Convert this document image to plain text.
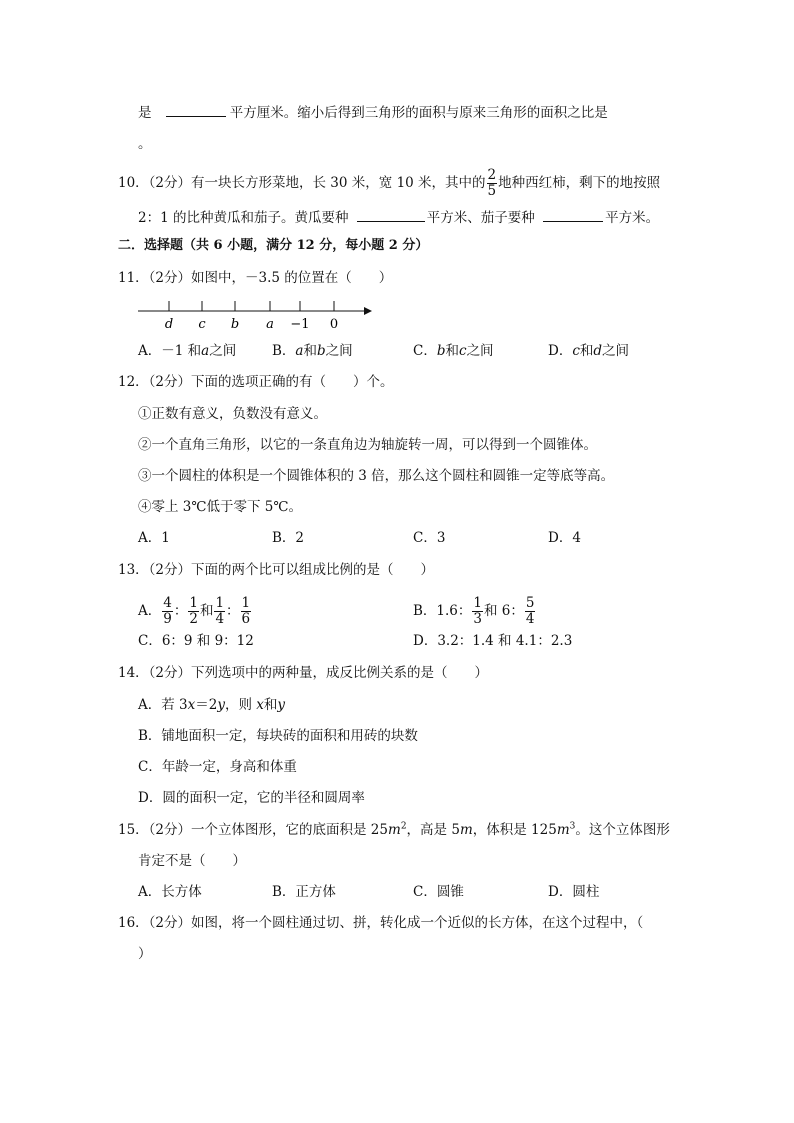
是	平方厘米。缩小后得到三角形的面积与原来三角形的面积之比是
。
10．（2分）有一块长方形菜地，长 30 米，宽 10 米，其中的 $\frac{2}{5}$ 地种西红柿，剩下的地按照
2：1 的比种黄瓜和茄子。黄瓜要种	平方米、茄子要种	平方米。
二．选择题（共 6 小题，满分 12 分，每小题 2 分）
11．（2分）如图中，－3.5 的位置在（　　）
d c b a −1 0
A．－1 和a之间	B．a和b之间	C．b和c之间	D．c和d之间
12．（2分）下面的选项正确的有（　　）个。
①正数有意义，负数没有意义。
②一个直角三角形，以它的一条直角边为轴旋转一周，可以得到一个圆锥体。
③一个圆柱的体积是一个圆锥体积的 3 倍，那么这个圆柱和圆锥一定等底等高。
④零上 3℃低于零下 5℃。
A．1	B．2	C．3	D．4
13．（2分）下面的两个比可以组成比例的是（　　）
A． $\frac{4}{9}$ ： $\frac{1}{2}$ 和 $\frac{1}{4}$ ： $\frac{1}{6}$	B．1.6： $\frac{1}{3}$ 和 6： $\frac{5}{4}$
C．6：9 和 9：12	D．3.2：1.4 和 4.1：2.3
14．（2分）下列选项中的两种量，成反比例关系的是（　　）
A．若 3x＝2y，则 x和y
B．铺地面积一定，每块砖的面积和用砖的块数
C．年龄一定，身高和体重
D．圆的面积一定，它的半径和圆周率
15．（2分）一个立体图形，它的底面积是 $25m^2$，高是 5m，体积是 $125m^3$。这个立体图形
肯定不是（　　）
A．长方体	B．正方体	C．圆锥	D．圆柱
16．（2分）如图，将一个圆柱通过切、拼，转化成一个近似的长方体，在这个过程中，（
）
